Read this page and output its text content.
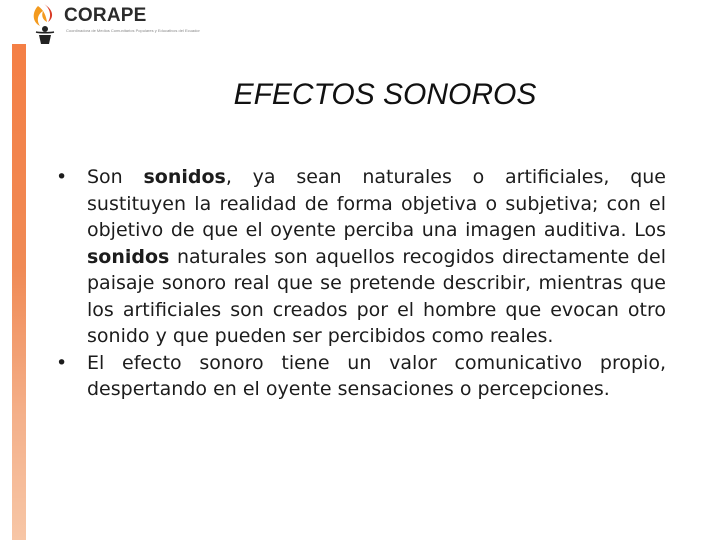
CORAPE
Coordinadora de Medios Comunitarios Populares y Educativos del Ecuador
EFECTOS SONOROS
• Son sonidos, ya sean naturales o artificiales, que sustituyen la realidad de forma objetiva o subjetiva; con el objetivo de que el oyente perciba una imagen auditiva. Los sonidos naturales son aquellos recogidos directamente del paisaje sonoro real que se pretende describir, mientras que los artificiales son creados por el hombre que evocan otro sonido y que pueden ser percibidos como reales.
• El efecto sonoro tiene un valor comunicativo propio, despertando en el oyente sensaciones o percepciones.
